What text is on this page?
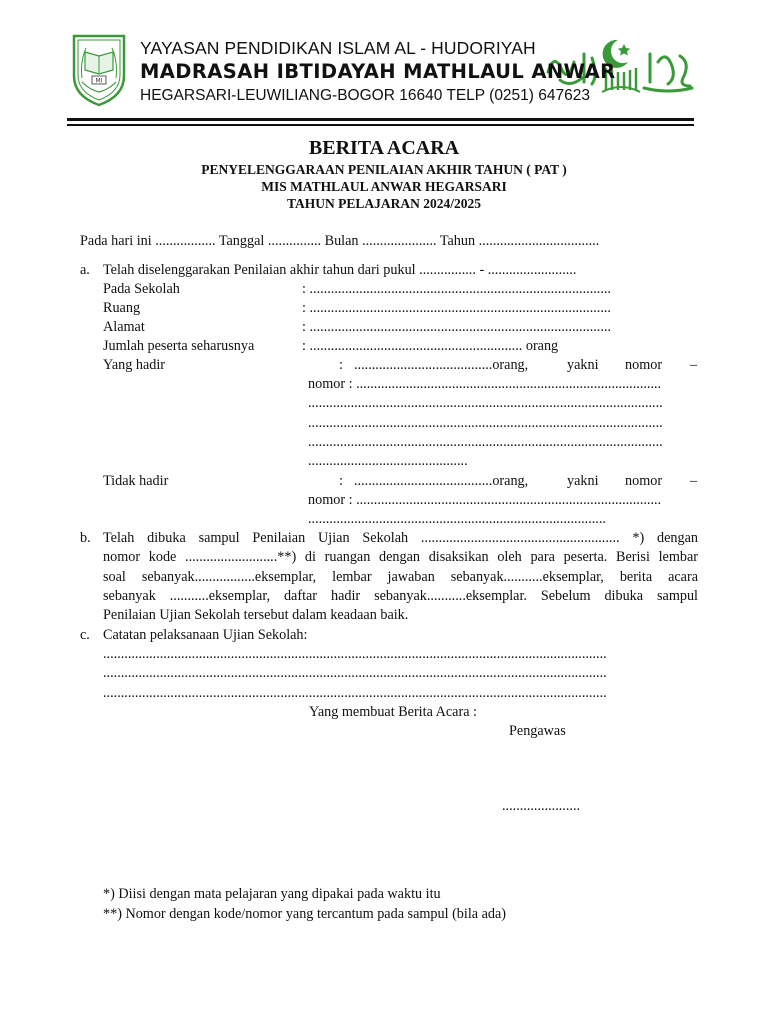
MI
YAYASAN PENDIDIKAN ISLAM AL - HUDORIYAH
MADRASAH IBTIDAYAH MATHLAUL ANWAR
HEGARSARI-LEUWILIANG-BOGOR 16640 TELP (0251) 647623
BERITA ACARA
PENYELENGGARAAN PENILAIAN AKHIR TAHUN ( PAT )
MIS MATHLAUL ANWAR HEGARSARI
TAHUN PELAJARAN 2024/2025
Pada hari ini ................. Tanggal ............... Bulan ..................... Tahun ..................................
a. Telah diselenggarakan Penilaian akhir tahun dari pukul ................ - .........................
Pada Sekolah	: .....................................................................................
Ruang	: .....................................................................................
Alamat	: .....................................................................................
Jumlah peserta seharusnya	: ............................................................ orang
Yang hadir	: .......................................orang,	yakni nomor –
nomor : ......................................................................................
....................................................................................................
....................................................................................................
....................................................................................................
.............................................
Tidak hadir	: .......................................orang,	yakni nomor –
nomor : ......................................................................................
....................................................................................
b. Telah dibuka sampul Penilaian Ujian Sekolah ........................................................ *) dengan
nomor kode ..........................**) di ruangan dengan disaksikan oleh para peserta. Berisi lembar
soal sebanyak.................eksemplar, lembar jawaban sebanyak...........eksemplar, berita acara
sebanyak ...........eksemplar, daftar hadir sebanyak...........eksemplar. Sebelum dibuka sampul
Penilaian Ujian Sekolah tersebut dalam keadaan baik.
c. Catatan pelaksanaan Ujian Sekolah:
..............................................................................................................................................
..............................................................................................................................................
..............................................................................................................................................
Yang membuat Berita Acara :
Pengawas
......................
*) Diisi dengan mata pelajaran yang dipakai pada waktu itu
**) Nomor dengan kode/nomor yang tercantum pada sampul (bila ada)
